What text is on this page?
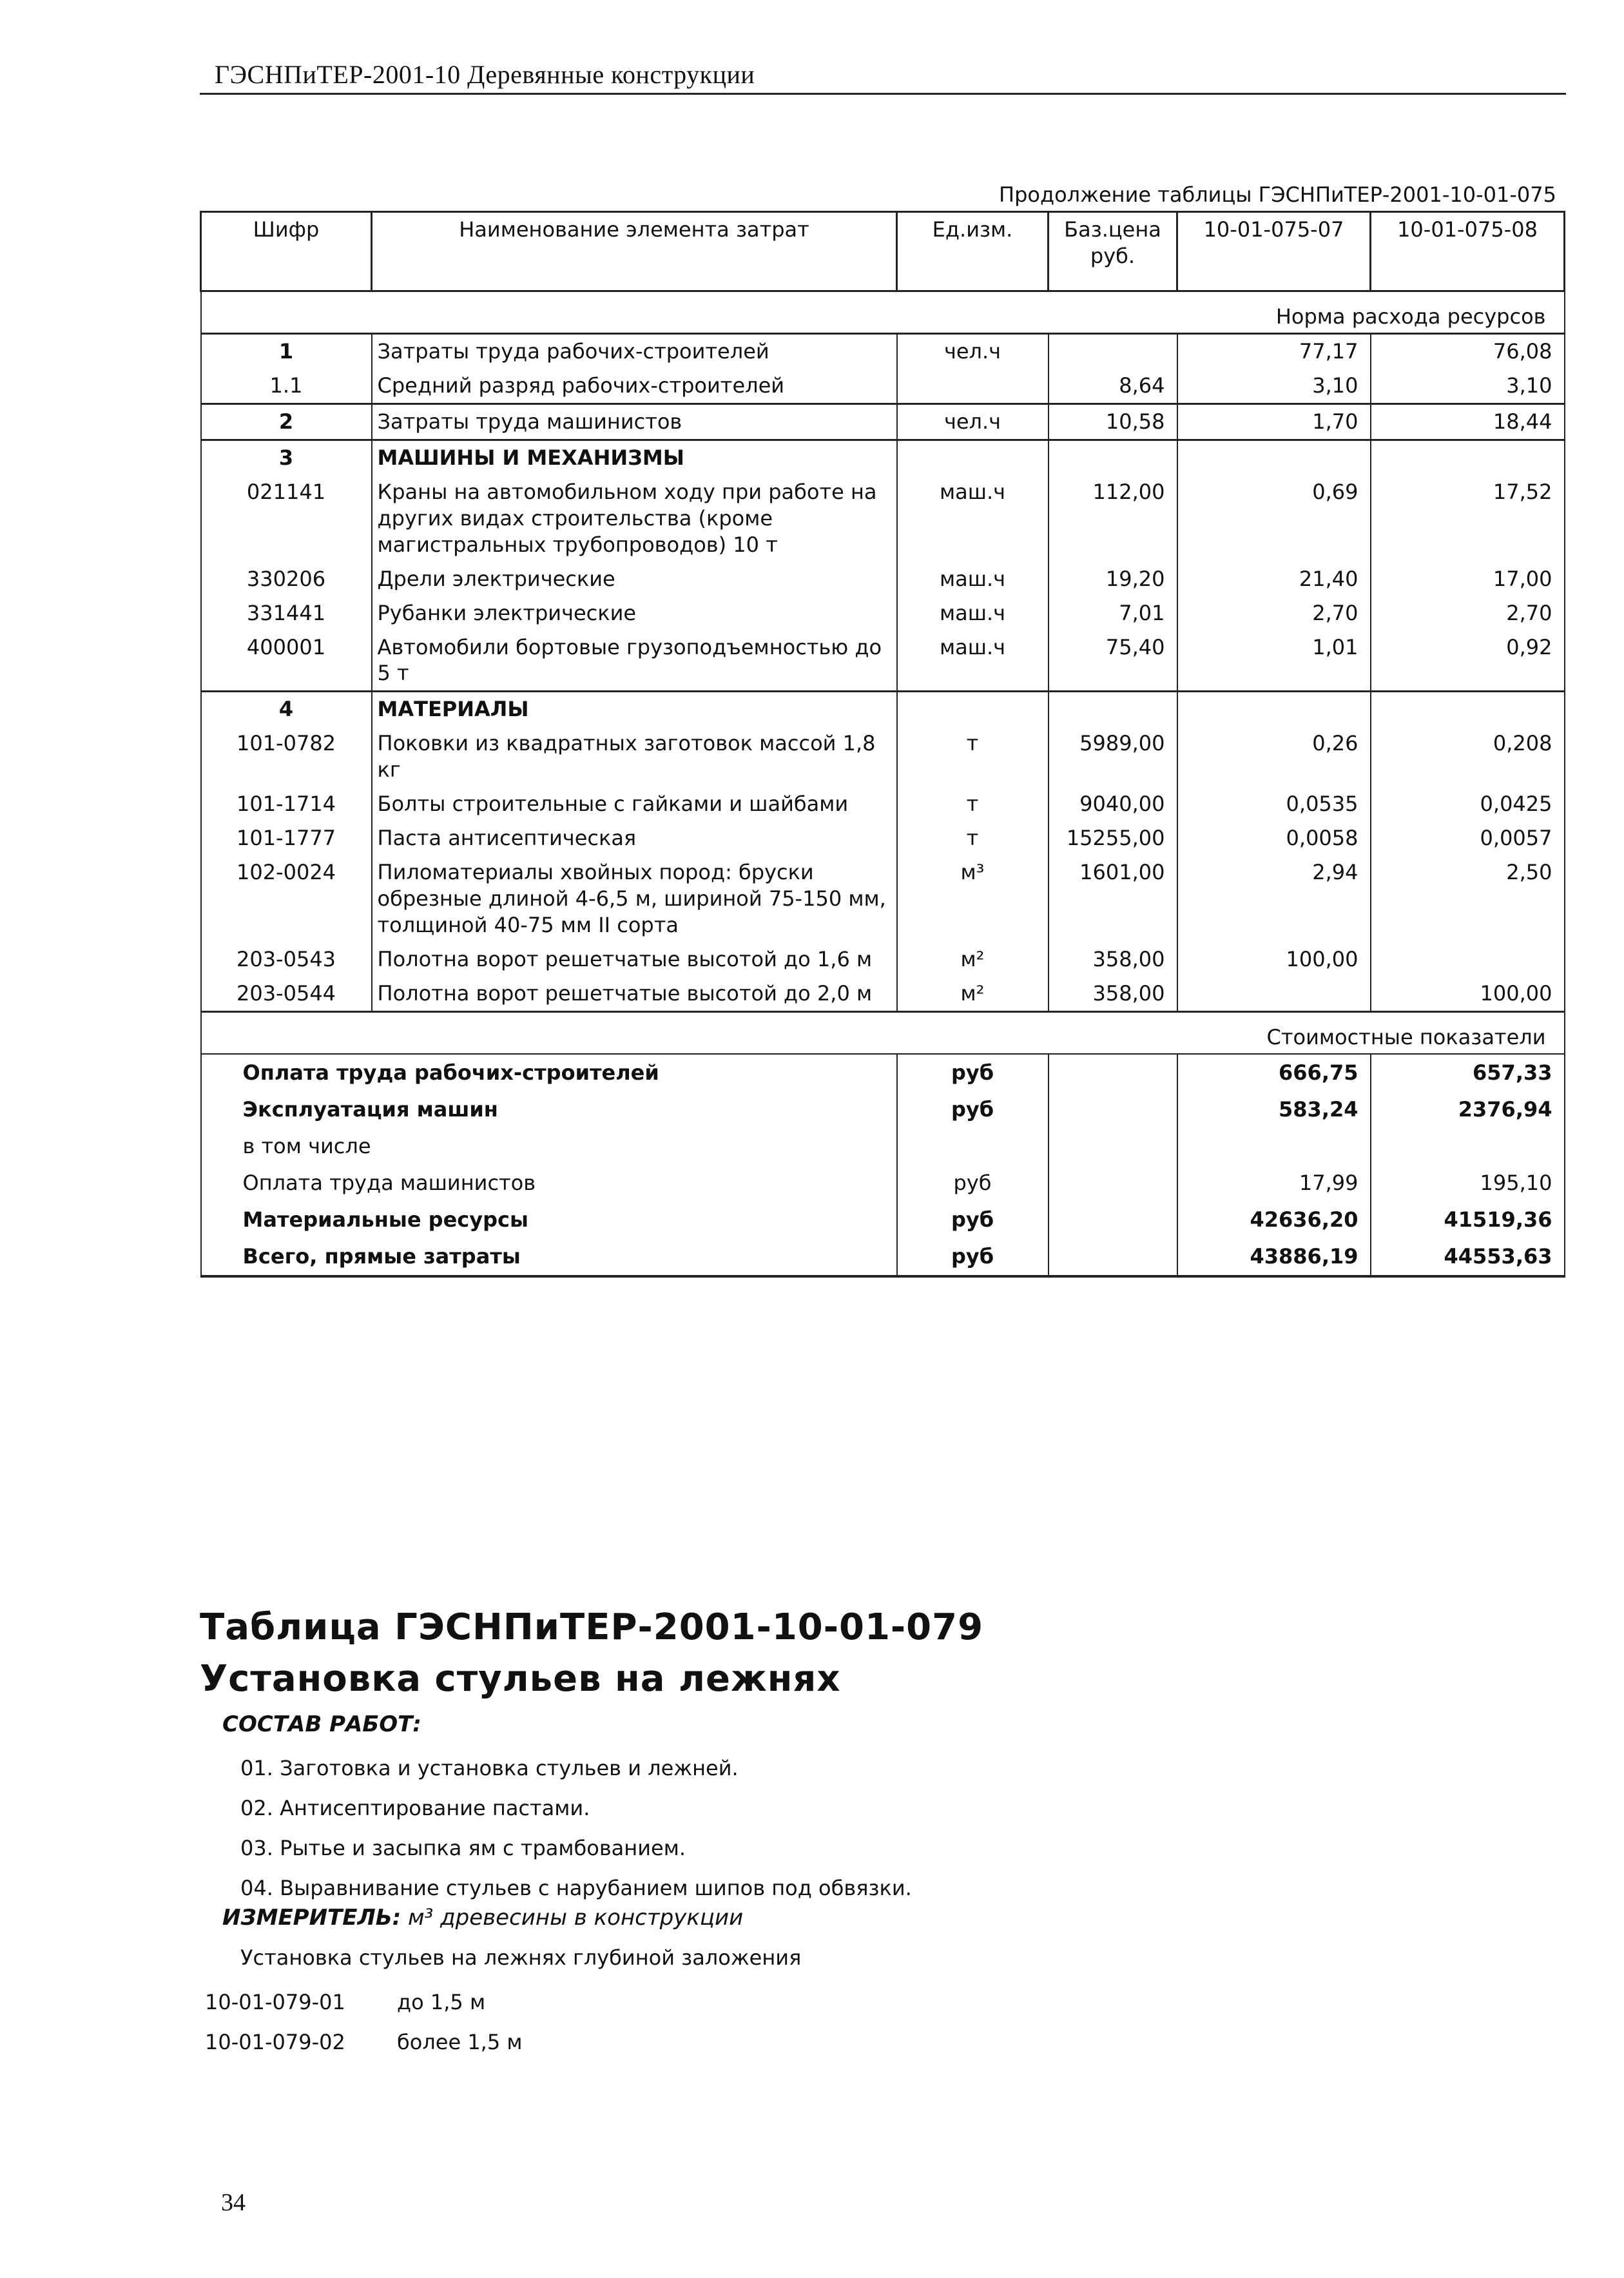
ГЭСНПиТЕР-2001-10 Деревянные конструкции
Продолжение таблицы ГЭСНПиТЕР-2001-10-01-075
Шифр	Наименование элемента затрат	Ед.изм.	Баз.цена руб.	10-01-075-07	10-01-075-08
Норма расхода ресурсов					
1	Затраты труда рабочих-строителей	чел.ч		77,17	76,08
1.1	Средний разряд рабочих-строителей		8,64	3,10	3,10
2	Затраты труда машинистов	чел.ч	10,58	1,70	18,44
3	МАШИНЫ И МЕХАНИЗМЫ				
021141	Краны на автомобильном ходу при работе на других видах строительства (кроме магистральных трубопроводов) 10 т	маш.ч	112,00	0,69	17,52
330206	Дрели электрические	маш.ч	19,20	21,40	17,00
331441	Рубанки электрические	маш.ч	7,01	2,70	2,70
400001	Автомобили бортовые грузоподъемностью до 5 т	маш.ч	75,40	1,01	0,92
4	МАТЕРИАЛЫ				
101-0782	Поковки из квадратных заготовок массой 1,8 кг	т	5989,00	0,26	0,208
101-1714	Болты строительные с гайками и шайбами	т	9040,00	0,0535	0,0425
101-1777	Паста антисептическая	т	15255,00	0,0058	0,0057
102-0024	Пиломатериалы хвойных пород: бруски обрезные длиной 4-6,5 м, шириной 75-150 мм, толщиной 40-75 мм II сорта	м³	1601,00	2,94	2,50
203-0543	Полотна ворот решетчатые высотой до 1,6 м	м²	358,00	100,00	
203-0544	Полотна ворот решетчатые высотой до 2,0 м	м²	358,00		100,00
Стоимостные показатели					
Оплата труда рабочих-строителей		руб		666,75	657,33
Эксплуатация машин		руб		583,24	2376,94
в том числе					
Оплата труда машинистов		руб		17,99	195,10
Материальные ресурсы		руб		42636,20	41519,36
Всего, прямые затраты		руб		43886,19	44553,63
Таблица ГЭСНПиТЕР-2001-10-01-079
Установка стульев на лежнях
СОСТАВ РАБОТ:
01. Заготовка и установка стульев и лежней.
02. Антисептирование пастами.
03. Рытье и засыпка ям с трамбованием.
04. Выравнивание стульев с нарубанием шипов под обвязки.
ИЗМЕРИТЕЛЬ: м³ древесины в конструкции
Установка стульев на лежнях глубиной заложения
10-01-079-01	до 1,5 м
10-01-079-02	более 1,5 м
34
